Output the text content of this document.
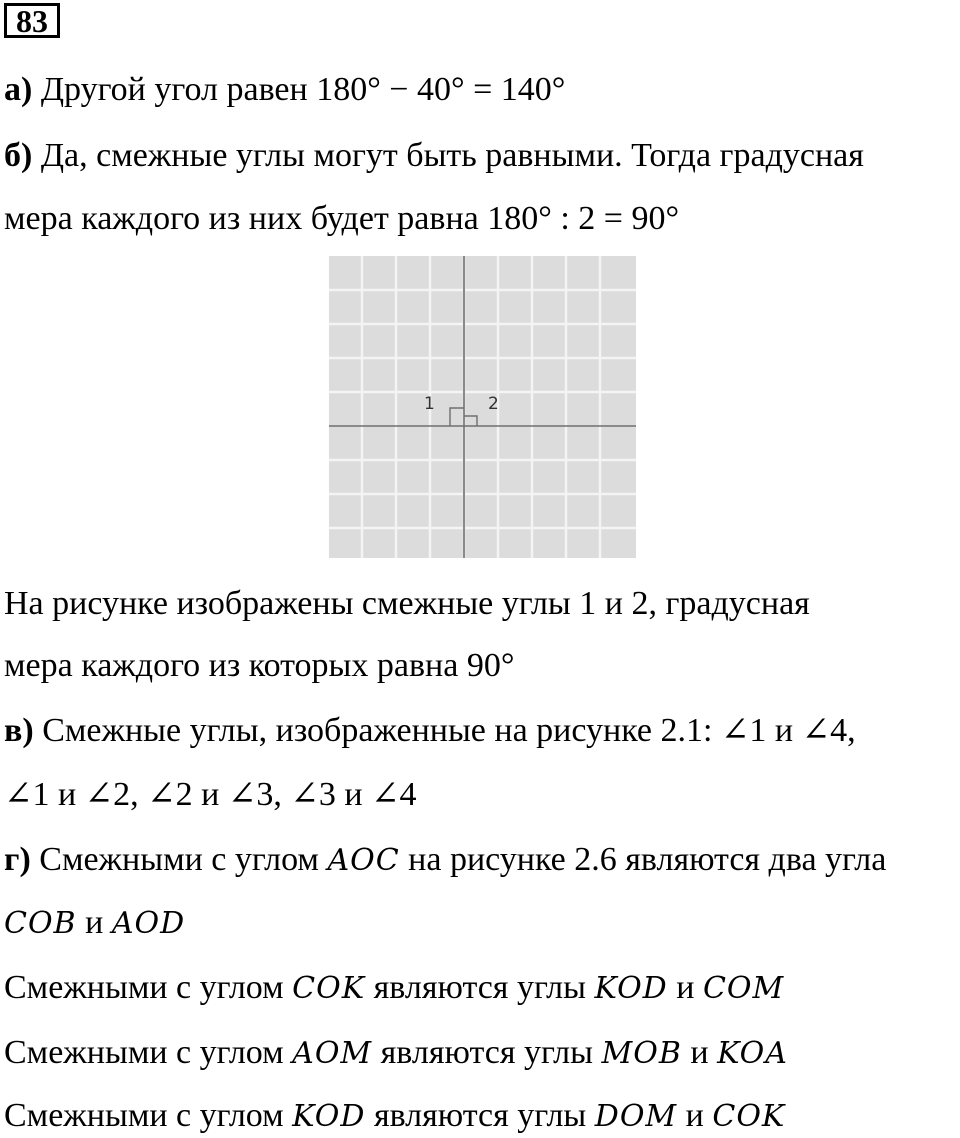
83
а) Другой угол равен 180° − 40° = 140°
б) Да, смежные углы могут быть равными. Тогда градусная
мера каждого из них будет равна 180° : 2 = 90°
1	2
На рисунке изображены смежные углы 1 и 2, градусная
мера каждого из которых равна 90°
в) Смежные углы, изображенные на рисунке 2.1: ∠1 и ∠4,
∠1 и ∠2, ∠2 и ∠3, ∠3 и ∠4
г) Смежными с углом AOC на рисунке 2.6 являются два угла
COB и AOD
Смежными с углом COK являются углы KOD и COM
Смежными с углом AOM являются углы MOB и KOA
Смежными с углом KOD являются углы DOM и COK
